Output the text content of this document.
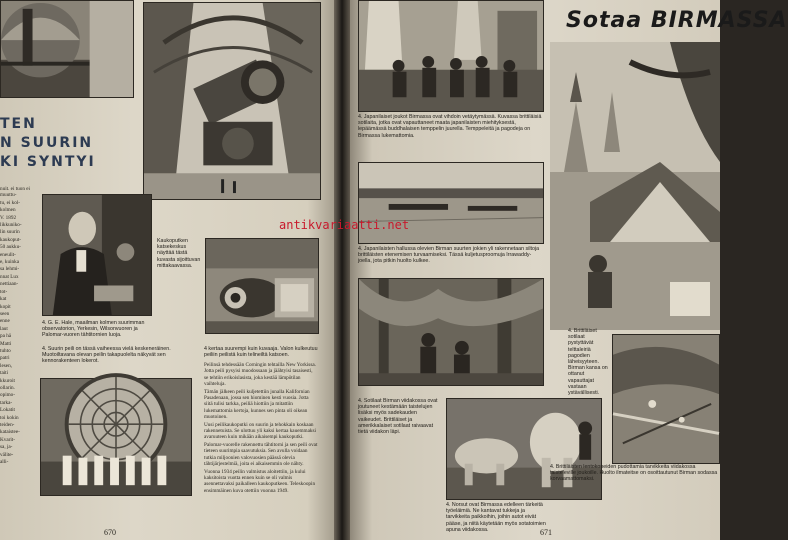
TEN
N SUURIN
KI SYNTYI

nuit. ei tuon ei muuttu-

tu, ei kol-

kolmen

V. 1892

likkuniko-

lin suurin

kaukoput-

50 aukku-

eneulit-

e, kuinka

sa lehmi-

nnat Lux

nettiaan-

tot-

kat

kopit

seen

enne

laut

pa hä

Matti

tuhto

patri

lesen,

taiti

kkuroit

ollarin.

opimo-

tarka-

Lokatit

toi kokin

teiden-

kataistee-

Kvarit-

sa, ja-

välite-

alli-

4. G. E. Hale, maailman kolmen suurimman observatorion, Yerkesin, Wilsonvuoren ja Palomar-vuoren tähtitornien luoja.
Kaukoputken katsekeskus näyttää tästä kuvasta sijoittuvan mittakaavassa.
4. Suurin peili on tässä vaiheessa vielä keskeneräinen. Muotoiltavana olevan peilin takapuolelta näkyvät sen kennorakenteen lokerot.
4 kertaa suurempi kuin kuvaaja. Valon kulkeutuu peiliin peilistä kuin telineiltä katsoen.

Peilinsä tehdessään Corningin tehtailla New Yorkissa. Jotta peili pysyisi muodossaan ja jäähtyisi tasaisesti, se tehtiin erikoislasista, joka kestää lämpötilan vaihteluja.

Tämän jälkeen peili kuljetettiin junalla Kalifornian Pasadenaan, jossa sen hiominen kesti vuosia. Jotta siitä tulisi tarkka, peiliä hiottiin ja mitattiin lukemattomia kertoja, kunnes sen pinta oli oikean muotoinen.

Uusi peilikaukoputki on suurin ja tehokkain koskaan rakennetuista. Se ulottuu yli kaksi kertaa kauemmaksi avaruuteen kuin mikään aikaisempi kaukoputki.

Palomar-vuorelle rakennettu tähtitorni ja sen peili ovat tieteen suurimpia saavutuksia. Sen avulla voidaan tutkia miljoonien valovuosien päässä olevia tähtijärjestelmiä, joita ei aikaisemmin ole nähty.

Vuonna 1934 peilin valmistus aloitettiin, ja kului kaksitoista vuotta ennen kuin se oli valmis asennettavaksi paikalleen kaukoputkeen. Teleskoopin ensimmäinen kuva otettiin vuonna 1949.

670
4. Japanilaiset joukot Birmassa ovat vihdoin vetäytymässä. Kuvassa brittiläisiä sotilaita, jotka ovat vapauttaneet maata japanilaisten miehityksestä, lepäämässä buddhalaisen temppelin juurella. Temppeleitä ja pagodeja on Birmassa lukemattomia.
4. Japanilaisten hallussa olevien Birman suurten jokien yli rakennetaan siltoja brittiläisten etenemisen turvaamiseksi. Tässä kuljetusproomuja Irrawaddy-joella, jota pitkin huolto kulkee.
4. Sotilaat Birman viidakossa ovat joutuneet kestämään taistelujen lisäksi myös sadekauden vaikeudet. Brittiläiset ja amerikkalaiset sotilaat raivaavat tietä viidakon läpi.
Sotaa BIRMASSA
4. Brittiläiset sotilaat pystyttävät telttaleiriä pagodien läheisyyteen. Birman kansa on ottanut vapauttajat vastaan ystävällisesti.
4. Brittiläisten lentokoneiden pudottamia tarvikkeita viidakossa taisteleville joukoille. Huolto ilmateitse on osoittautunut Birman sodassa korvaamattomaksi.
4. Norsut ovat Birmassa edelleen tärkeitä työeläimiä. Ne kantavat tukkeja ja tarvikkeita paikkoihin, joihin autot eivät pääse, ja niitä käytetään myös sotatoimien apuna viidakossa.	671
antikvariaatti.net
